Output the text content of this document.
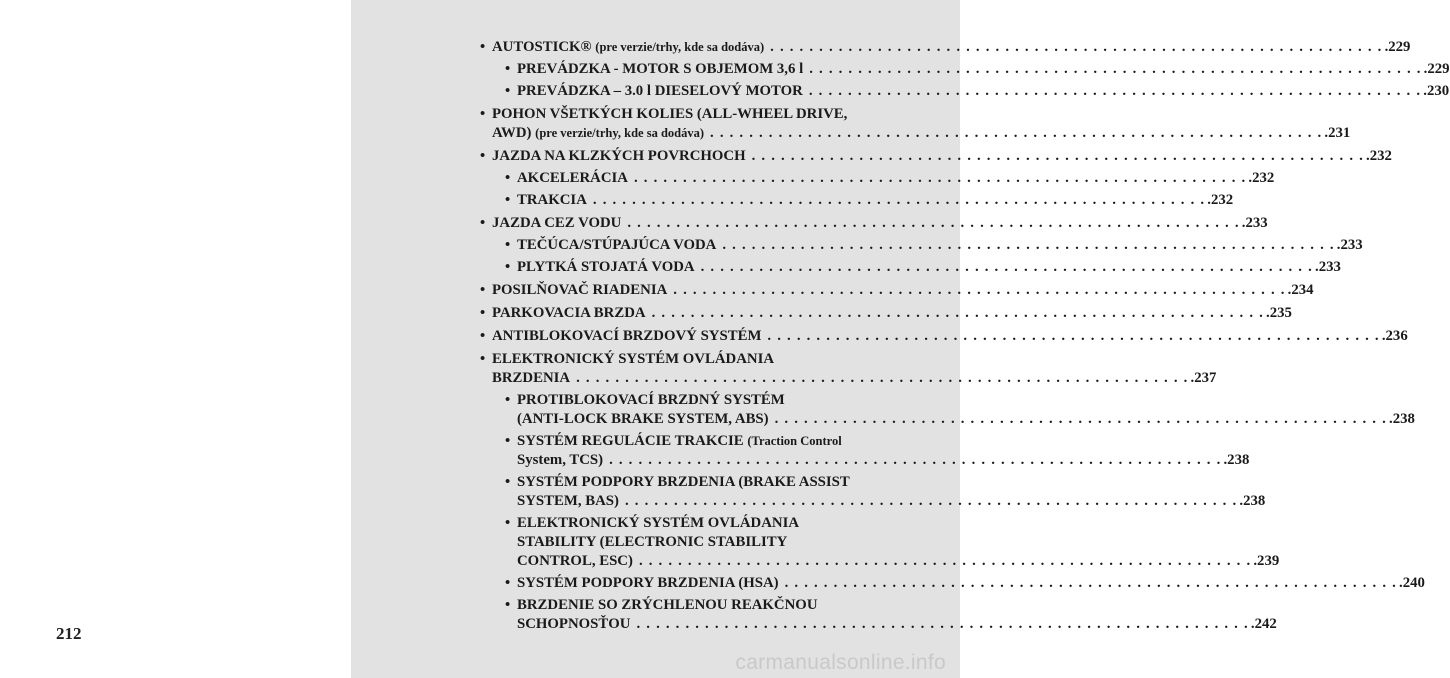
212
• AUTOSTICK® (pre verzie/trhy, kde sa dodáva) . . .	.229
• PREVÁDZKA - MOTOR S OBJEMOM 3,6 l . . .	.229
• PREVÁDZKA – 3.0 l DIESELOVÝ MOTOR . . .	.230
• POHON VŠETKÝCH KOLIES (ALL-WHEEL DRIVE,
AWD) (pre verzie/trhy, kde sa dodáva) . . .	.231
• JAZDA NA KLZKÝCH POVRCHOCH . . .	.232
• AKCELERÁCIA . . .	.232
• TRAKCIA . . .	.232
• JAZDA CEZ VODU . . .	.233
• TEČÚCA/STÚPAJÚCA VODA . . .	.233
• PLYTKÁ STOJATÁ VODA . . .	.233
• POSILŇOVAČ RIADENIA . . .	.234
• PARKOVACIA BRZDA . . .	.235
• ANTIBLOKOVACÍ BRZDOVÝ SYSTÉM . . .	.236
• ELEKTRONICKÝ SYSTÉM OVLÁDANIA
BRZDENIA . . .	.237
• PROTIBLOKOVACÍ BRZDNÝ SYSTÉM
(ANTI-LOCK BRAKE SYSTEM, ABS) . . .	.238
• SYSTÉM REGULÁCIE TRAKCIE (Traction Control
System, TCS) . . .	.238
• SYSTÉM PODPORY BRZDENIA (BRAKE ASSIST
SYSTEM, BAS) . . .	.238
• ELEKTRONICKÝ SYSTÉM OVLÁDANIA
STABILITY (ELECTRONIC STABILITY
CONTROL, ESC) . . .	.239
• SYSTÉM PODPORY BRZDENIA (HSA) . . .	.240
• BRZDENIE SO ZRÝCHLENOU REAKČNOU
SCHOPNOSŤOU . . .	.242
carmanualsonline.info
